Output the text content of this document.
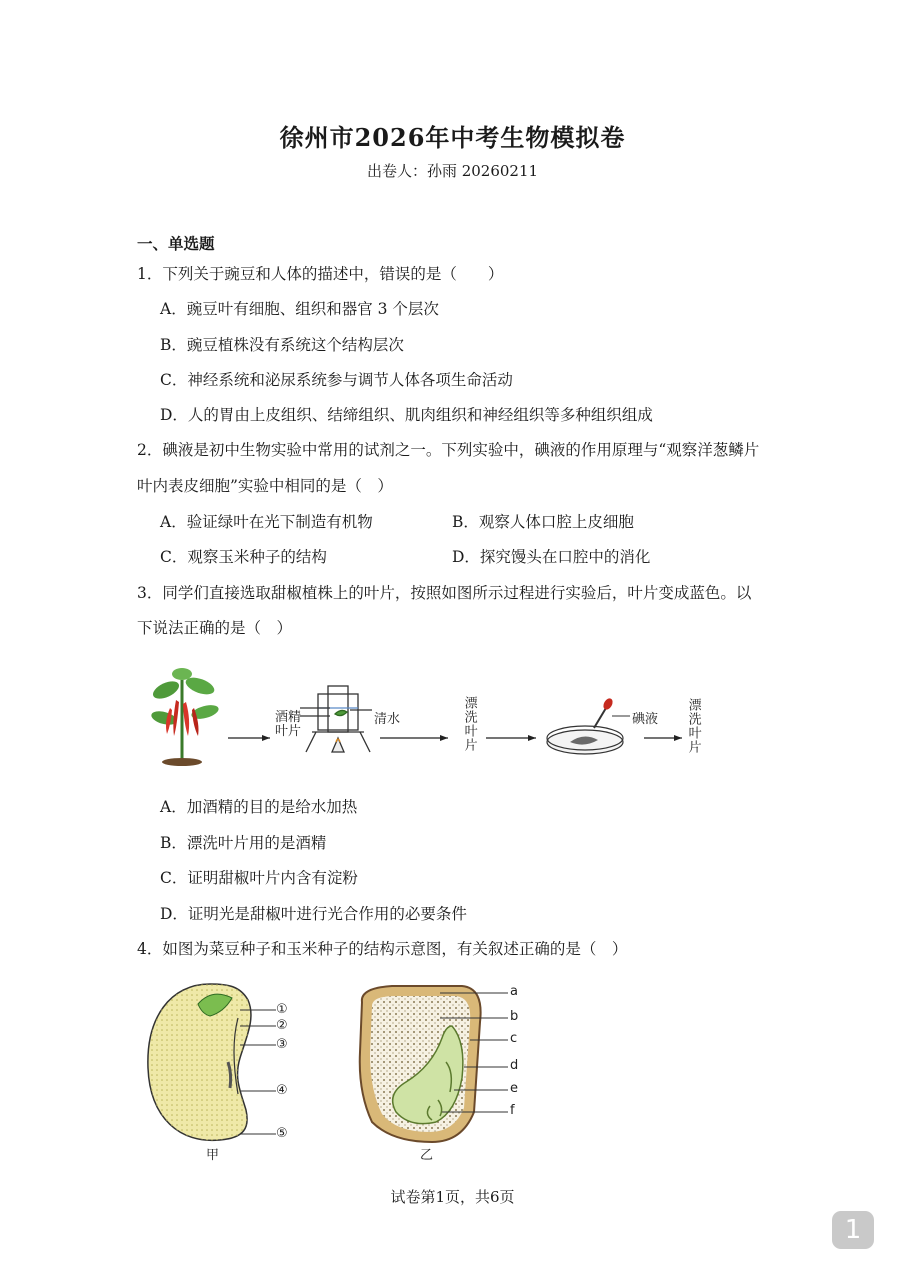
徐州市2026年中考生物模拟卷
出卷人：孙雨 20260211
一、单选题
1．下列关于豌豆和人体的描述中，错误的是（　　）
A．豌豆叶有细胞、组织和器官 3 个层次
B．豌豆植株没有系统这个结构层次
C．神经系统和泌尿系统参与调节人体各项生命活动
D．人的胃由上皮组织、结缔组织、肌肉组织和神经组织等多种组织组成
2．碘液是初中生物实验中常用的试剂之一。下列实验中，碘液的作用原理与“观察洋葱鳞片
叶内表皮细胞”实验中相同的是（　）
A．验证绿叶在光下制造有机物	B．观察人体口腔上皮细胞
C．观察玉米种子的结构	D．探究馒头在口腔中的消化
3．同学们直接选取甜椒植株上的叶片，按照如图所示过程进行实验后，叶片变成蓝色。以
下说法正确的是（　）
酒精
叶片
清水	漂洗叶片	碘液 漂洗叶片
A．加酒精的目的是给水加热
B．漂洗叶片用的是酒精
C．证明甜椒叶片内含有淀粉
D．证明光是甜椒叶进行光合作用的必要条件
4．如图为菜豆种子和玉米种子的结构示意图，有关叙述正确的是（　）
①
②
③
④
⑤
甲
a
b
c
d
e
f
乙
试卷第1页，共6页
1
